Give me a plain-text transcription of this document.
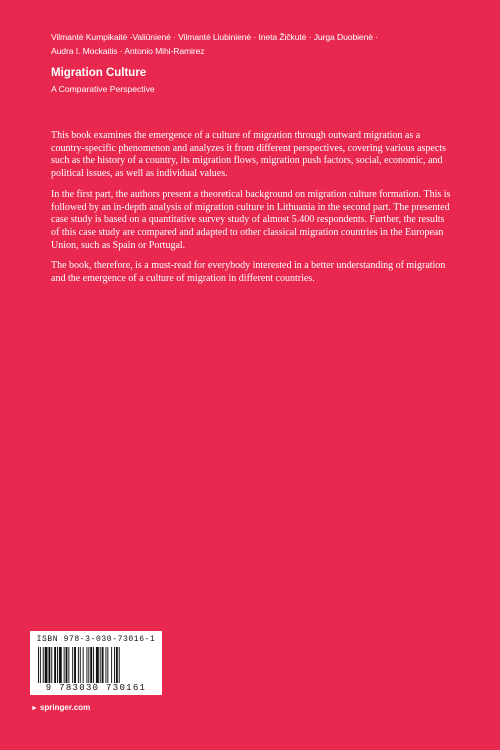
Vilmantė Kumpikaitė -Valiūnienė · Vilmantė Liubinienė · Ineta Žičkutė · Jurga Duobienė ·
Audra I. Mockaitis · Antonio Mihi-Ramirez
Migration Culture
A Comparative Perspective

This book examines the emergence of a culture of migration through outward migration as a country-specific phenomenon and analyzes it from different perspectives, covering various aspects such as the history of a country, its migration flows, migration push factors, social, economic, and political issues, as well as individual values.

In the first part, the authors present a theoretical background on migration culture formation. This is followed by an in-depth analysis of migration culture in Lithuania in the second part. The presented case study is based on a quantitative survey study of almost 5.400 respondents. Further, the results of this case study are compared and adapted to other classical migration countries in the European Union, such as Spain or Portugal.

The book, therefore, is a must-read for everybody interested in a better understanding of migration and the emergence of a culture of migration in different countries.

ISBN 978-3-030-73016-1
9 783030 730161
► springer.com
